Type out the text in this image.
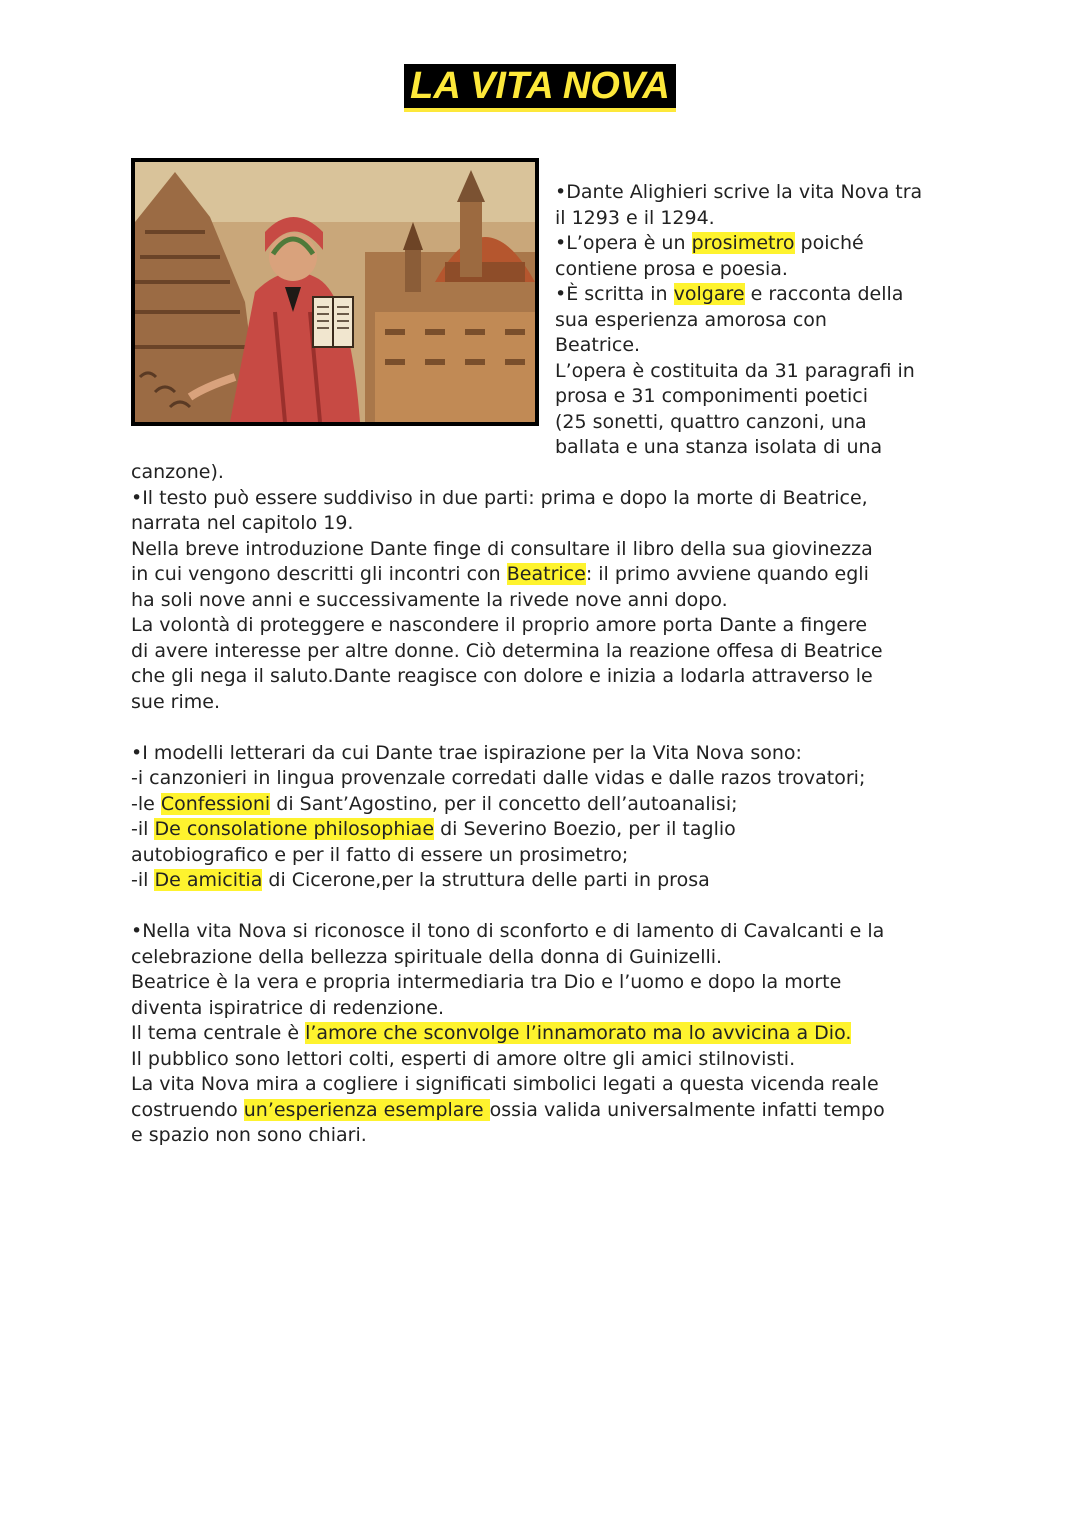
LA VITA NOVA

•Dante Alighieri scrive la vita Nova tra

il 1293 e il 1294.

•L’opera è un prosimetro poiché

contiene prosa e poesia.

•È scritta in volgare e racconta della

sua esperienza amorosa con

Beatrice.

L’opera è costituita da 31 paragrafi in

prosa e 31 componimenti poetici

(25 sonetti, quattro canzoni, una

ballata e una stanza isolata di una

canzone).

•Il testo può essere suddiviso in due parti: prima e dopo la morte di Beatrice,

narrata nel capitolo 19.

Nella breve introduzione Dante finge di consultare il libro della sua giovinezza

in cui vengono descritti gli incontri con Beatrice: il primo avviene quando egli

ha soli nove anni e successivamente la rivede nove anni dopo.

La volontà di proteggere e nascondere il proprio amore porta Dante a fingere

di avere interesse per altre donne. Ciò determina la reazione offesa di Beatrice

che gli nega il saluto.Dante reagisce con dolore e inizia a lodarla attraverso le

sue rime.

•I modelli letterari da cui Dante trae ispirazione per la Vita Nova sono:

-i canzonieri in lingua provenzale corredati dalle vidas e dalle razos trovatori;

-le Confessioni di Sant’Agostino, per il concetto dell’autoanalisi;

-il De consolatione philosophiae di Severino Boezio, per il taglio

autobiografico e per il fatto di essere un prosimetro;

-il De amicitia di Cicerone,per la struttura delle parti in prosa

•Nella vita Nova si riconosce il tono di sconforto e di lamento di Cavalcanti e la

celebrazione della bellezza spirituale della donna di Guinizelli.

Beatrice è la vera e propria intermediaria tra Dio e l’uomo e dopo la morte

diventa ispiratrice di redenzione.

Il tema centrale è l’amore che sconvolge l’innamorato ma lo avvicina a Dio.

Il pubblico sono lettori colti, esperti di amore oltre gli amici stilnovisti.

La vita Nova mira a cogliere i significati simbolici legati a questa vicenda reale

costruendo un’esperienza esemplare ossia valida universalmente infatti tempo

e spazio non sono chiari.
